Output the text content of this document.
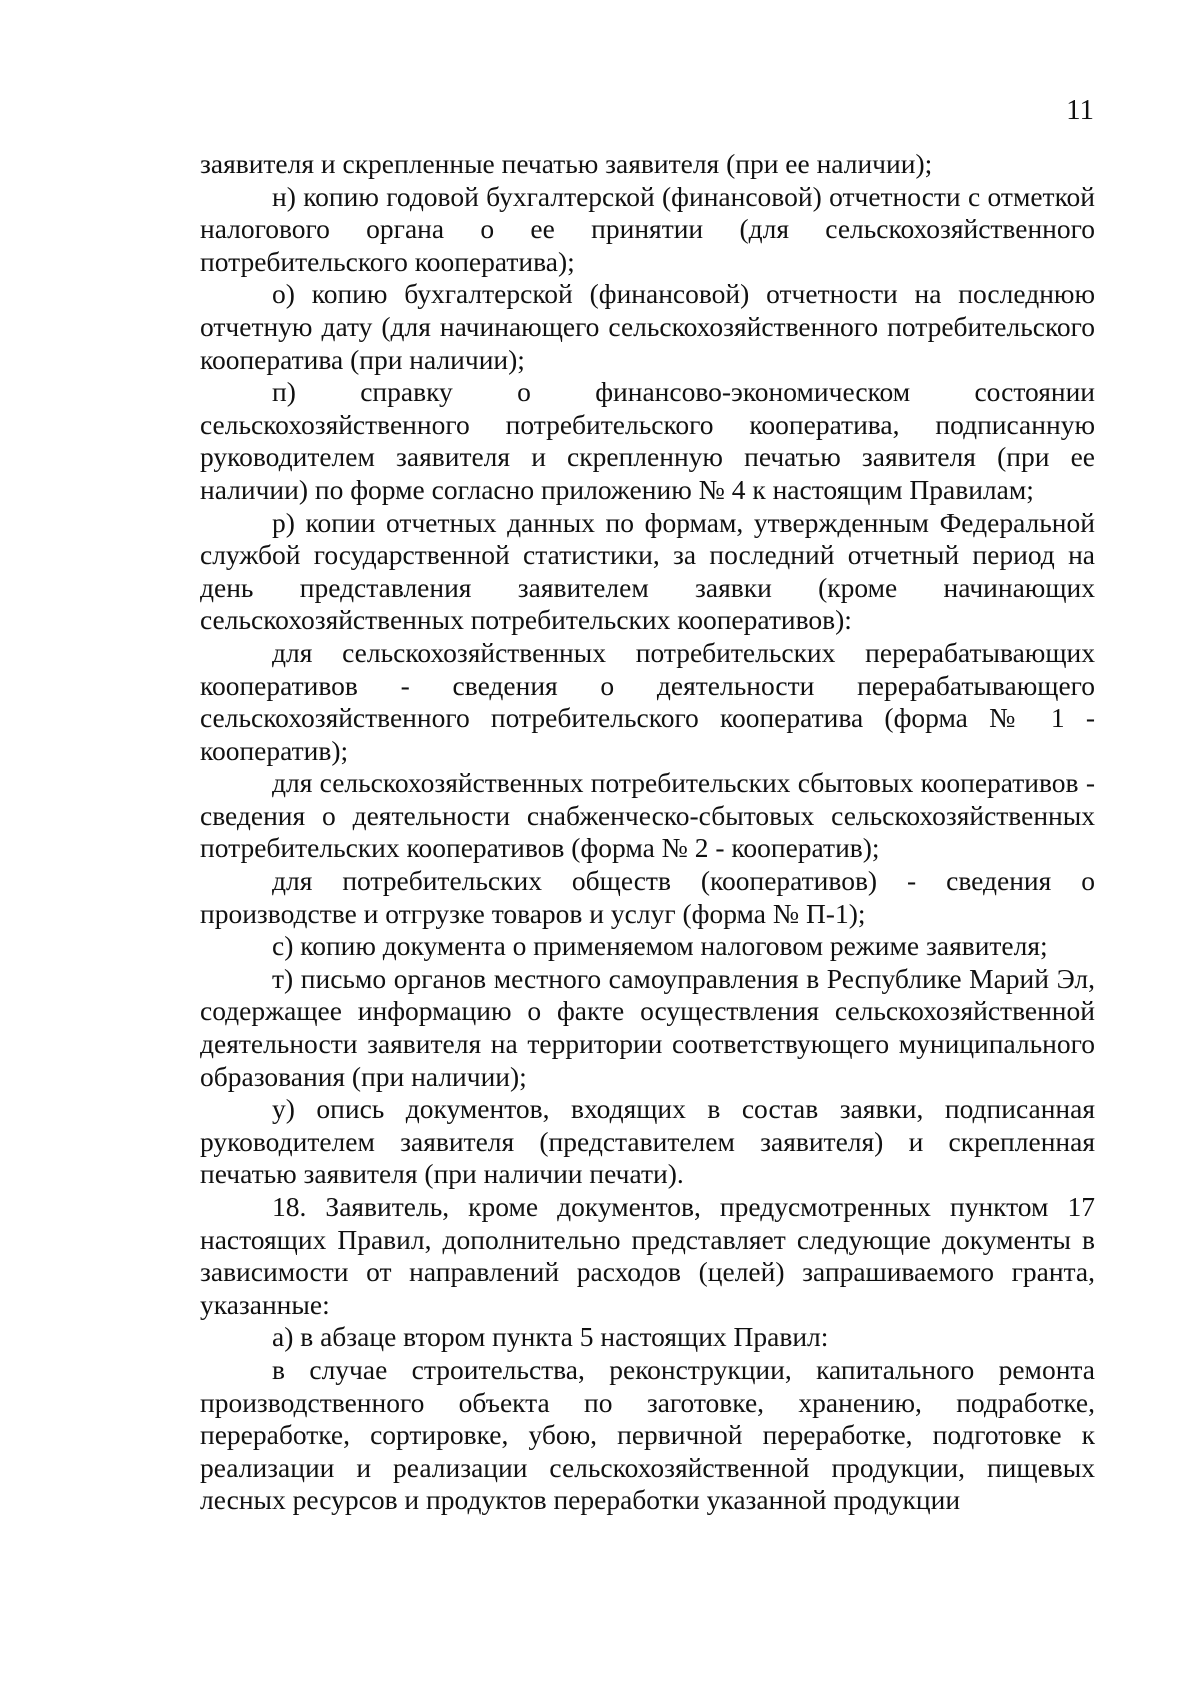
11

заявителя и скрепленные печатью заявителя (при ее наличии);

н) копию годовой бухгалтерской (финансовой) отчетности с отметкой налогового органа о ее принятии (для сельскохозяйственного потребительского кооператива);

о) копию бухгалтерской (финансовой) отчетности на последнюю отчетную дату (для начинающего сельскохозяйственного потребительского кооператива (при наличии);

п) справку о финансово-экономическом состоянии сельскохозяйственного потребительского кооператива, подписанную руководителем заявителя и скрепленную печатью заявителя (при ее наличии) по форме согласно приложению № 4 к настоящим Правилам;

р) копии отчетных данных по формам, утвержденным Федеральной службой государственной статистики, за последний отчетный период на день представления заявителем заявки (кроме начинающих сельскохозяйственных потребительских кооперативов):

для сельскохозяйственных потребительских перерабатывающих кооперативов - сведения о деятельности перерабатывающего сельскохозяйственного потребительского кооператива (форма № 1 - кооператив);

для сельскохозяйственных потребительских сбытовых кооперативов - сведения о деятельности снабженческо-сбытовых сельскохозяйственных потребительских кооперативов (форма № 2 - кооператив);

для потребительских обществ (кооперативов) - сведения о производстве и отгрузке товаров и услуг (форма № П-1);

с) копию документа о применяемом налоговом режиме заявителя;

т) письмо органов местного самоуправления в Республике Марий Эл, содержащее информацию о факте осуществления сельскохозяйственной деятельности заявителя на территории соответствующего муниципального образования (при наличии);

у) опись документов, входящих в состав заявки, подписанная руководителем заявителя (представителем заявителя) и скрепленная печатью заявителя (при наличии печати).

18. Заявитель, кроме документов, предусмотренных пунктом 17 настоящих Правил, дополнительно представляет следующие документы в зависимости от направлений расходов (целей) запрашиваемого гранта, указанные:

а) в абзаце втором пункта 5 настоящих Правил:

в случае строительства, реконструкции, капитального ремонта производственного объекта по заготовке, хранению, подработке, переработке, сортировке, убою, первичной переработке, подготовке к реализации и реализации сельскохозяйственной продукции, пищевых лесных ресурсов и продуктов переработки указанной продукции
